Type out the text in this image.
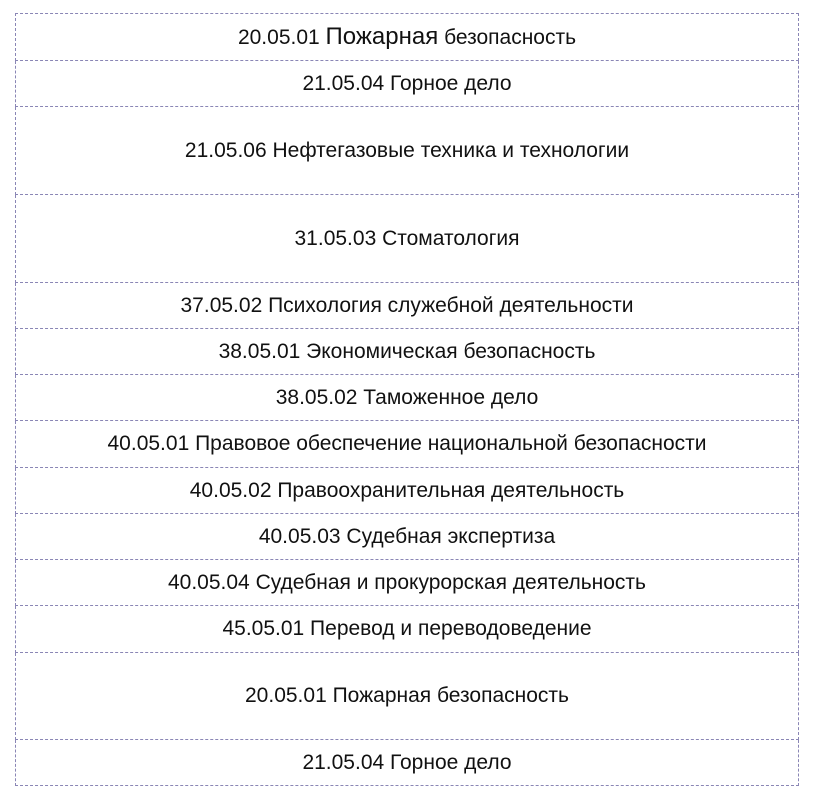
20.05.01 Пожарная безопасность
21.05.04 Горное дело
21.05.06 Нефтегазовые техника и технологии
31.05.03 Стоматология
37.05.02 Психология служебной деятельности
38.05.01 Экономическая безопасность
38.05.02 Таможенное дело
40.05.01 Правовое обеспечение национальной безопасности
40.05.02 Правоохранительная деятельность
40.05.03 Судебная экспертиза
40.05.04 Судебная и прокурорская деятельность
45.05.01 Перевод и переводоведение
20.05.01 Пожарная безопасность
21.05.04 Горное дело
